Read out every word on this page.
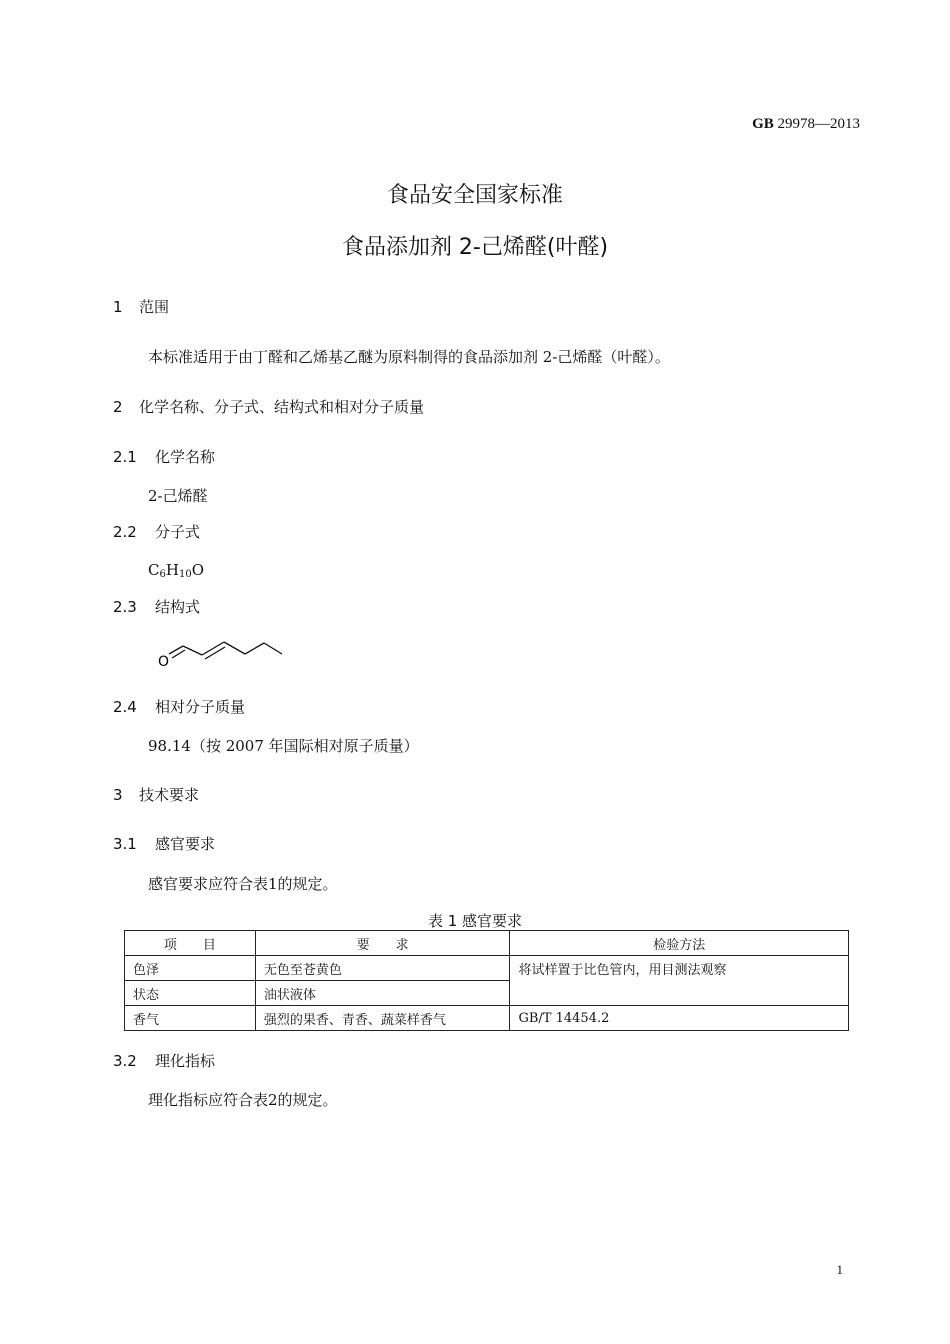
GB 29978—2013
食品安全国家标准
食品添加剂 2-己烯醛(叶醛)
1 范围
本标准适用于由丁醛和乙烯基乙醚为原料制得的食品添加剂 2-己烯醛（叶醛）。
2 化学名称、分子式、结构式和相对分子质量
2.1 化学名称
2-己烯醛
2.2 分子式
$C_6H_{10}O$
2.3 结构式
O
2.4 相对分子质量
98.14（按 2007 年国际相对原子质量）
3 技术要求
3.1 感官要求
感官要求应符合表1的规定。
表 1 感官要求
项　　目	要　　求	检验方法
色泽	无色至苍黄色	将试样置于比色管内，用目测法观察
状态	油状液体	
香气	强烈的果香、青香、蔬菜样香气	GB/T 14454.2
3.2 理化指标
理化指标应符合表2的规定。
1
